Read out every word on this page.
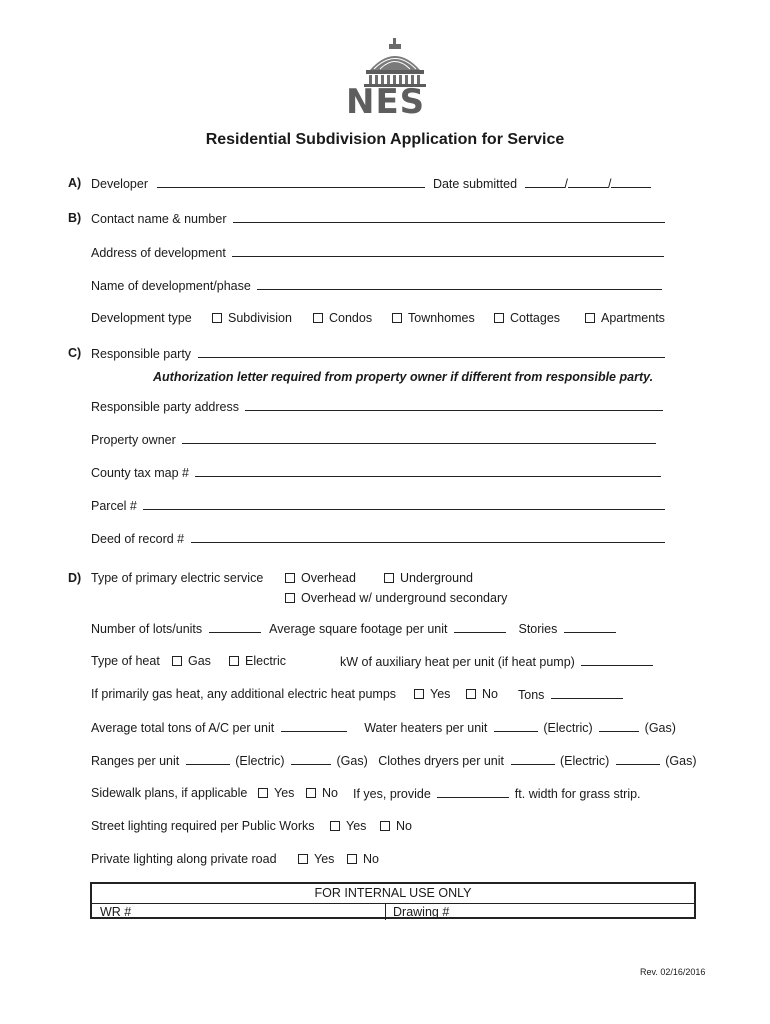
NES
Residential Subdivision Application for Service
A) Developer	Date submitted	/	/
B) Contact name & number
Address of development
Name of development/phase
Development type	Subdivision	Condos	Townhomes	Cottages	Apartments
C) Responsible party
Authorization letter required from property owner if different from responsible party.
Responsible party address
Property owner
County tax map #
Parcel #
Deed of record #
D) Type of primary electric service	Overhead	Underground
Overhead w/ underground secondary
Number of lots/units	Average square footage per unit	Stories
Type of heat	Gas	Electric	kW of auxiliary heat per unit (if heat pump)
If primarily gas heat, any additional electric heat pumps	Yes	No Tons
Average total tons of A/C per unit	Water heaters per unit	(Electric)	(Gas)
Ranges per unit	(Electric)	(Gas) Clothes dryers per unit	(Electric)	(Gas)
Sidewalk plans, if applicable	Yes	No If yes, provide	ft. width for grass strip.
Street lighting required per Public Works	Yes	No
Private lighting along private road	Yes	No
FOR INTERNAL USE ONLY
WR #	Drawing #
Rev. 02/16/2016
